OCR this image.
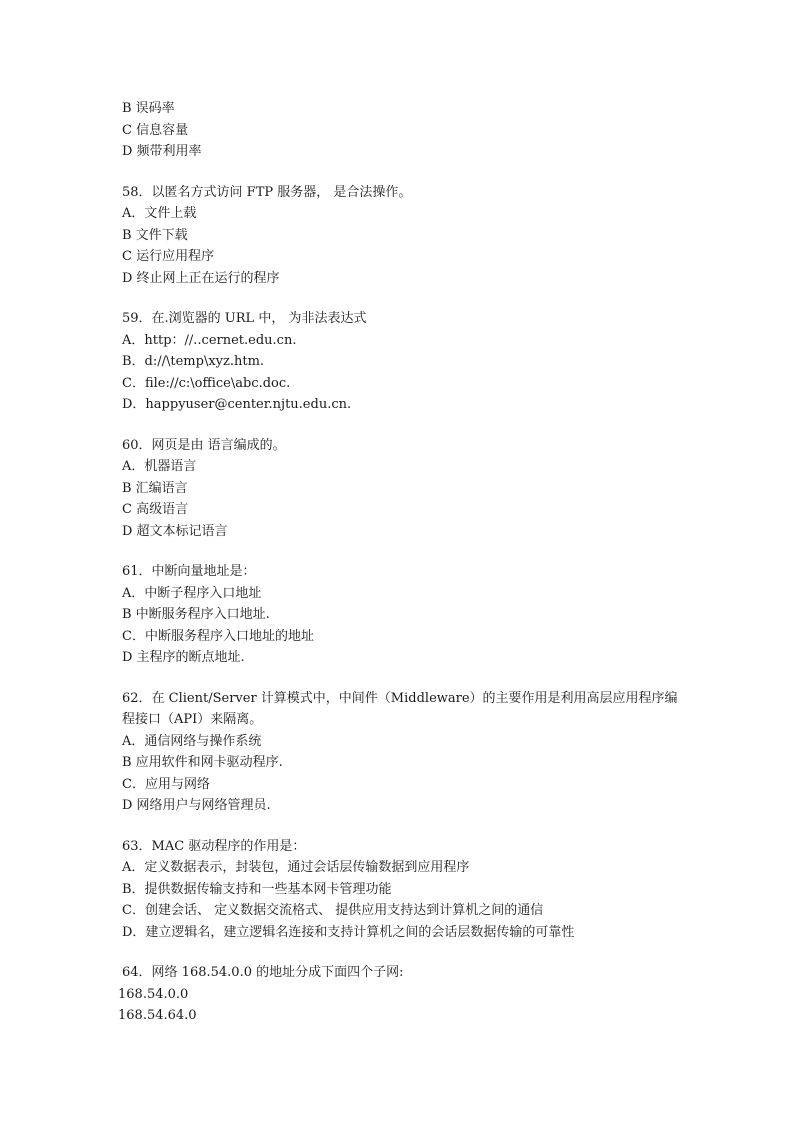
B 误码率

C 信息容量

D 频带利用率

58．以匿名方式访问 FTP 服务器， 是合法操作。

A．文件上载

B 文件下载

C 运行应用程序

D 终止网上正在运行的程序

59．在.浏览器的 URL 中， 为非法表达式

A．http：//..cernet.edu.cn.

B．d://\temp\xyz.htm.

C．file://c:\office\abc.doc.

D．happyuser@center.njtu.edu.cn.

60．网页是由 语言编成的。

A．机器语言

B 汇编语言

C 高级语言

D 超文本标记语言

61．中断向量地址是：

A．中断子程序入口地址

B 中断服务程序入口地址.

C．中断服务程序入口地址的地址

D 主程序的断点地址.

62．在 Client/Server 计算模式中，中间件（Middleware）的主要作用是利用高层应用程序编

程接口（API）来隔离。

A．通信网络与操作系统

B 应用软件和网卡驱动程序.

C．应用与网络

D 网络用户与网络管理员.

63．MAC 驱动程序的作用是：

A．定义数据表示，封装包，通过会话层传输数据到应用程序

B．提供数据传输支持和一些基本网卡管理功能

C．创建会话、 定义数据交流格式、 提供应用支持达到计算机之间的通信

D．建立逻辑名，建立逻辑名连接和支持计算机之间的会话层数据传输的可靠性

64．网络 168.54.0.0 的地址分成下面四个子网:

168.54.0.0

168.54.64.0
